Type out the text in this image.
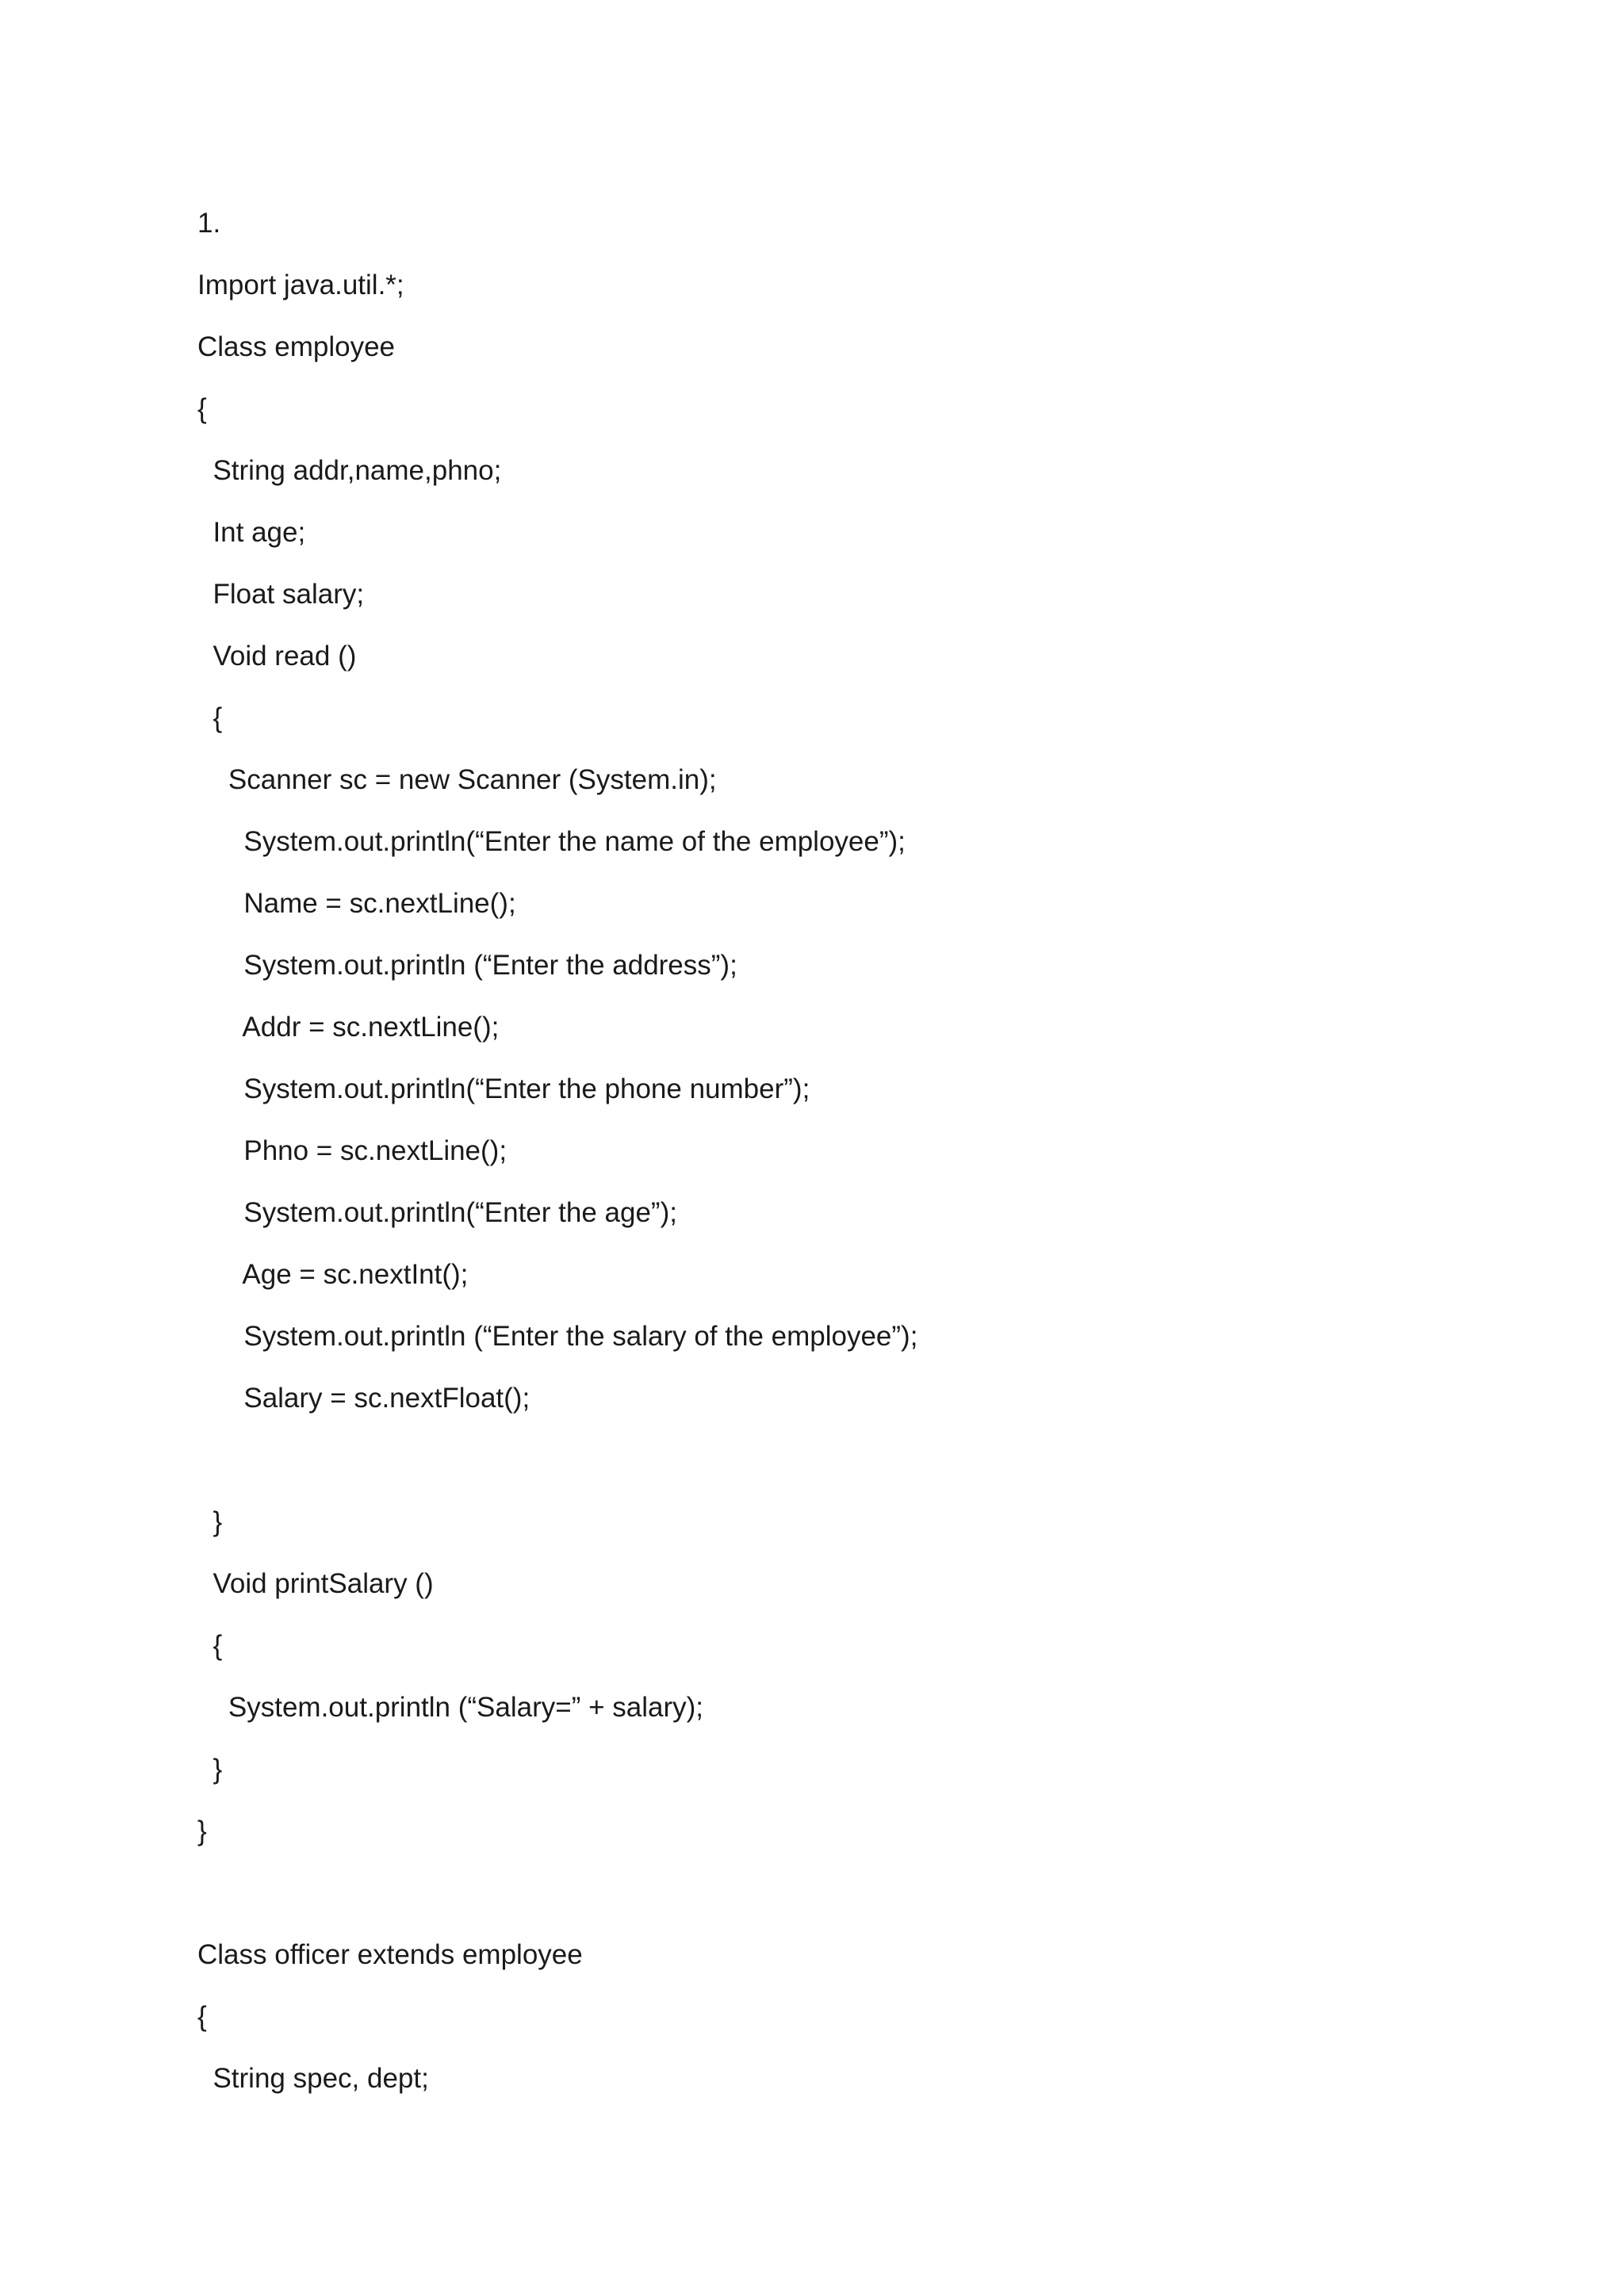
1.
Import java.util.*;
Class employee
{
String addr,name,phno;
Int age;
Float salary;
Void read ()
{
Scanner sc = new Scanner (System.in);
System.out.println(“Enter the name of the employee”);
Name = sc.nextLine();
System.out.println (“Enter the address”);
Addr = sc.nextLine();
System.out.println(“Enter the phone number”);
Phno = sc.nextLine();
System.out.println(“Enter the age”);
Age = sc.nextInt();
System.out.println (“Enter the salary of the employee”);
Salary = sc.nextFloat();
}
Void printSalary ()
{
System.out.println (“Salary=” + salary);
}
}
Class officer extends employee
{
String spec, dept;
